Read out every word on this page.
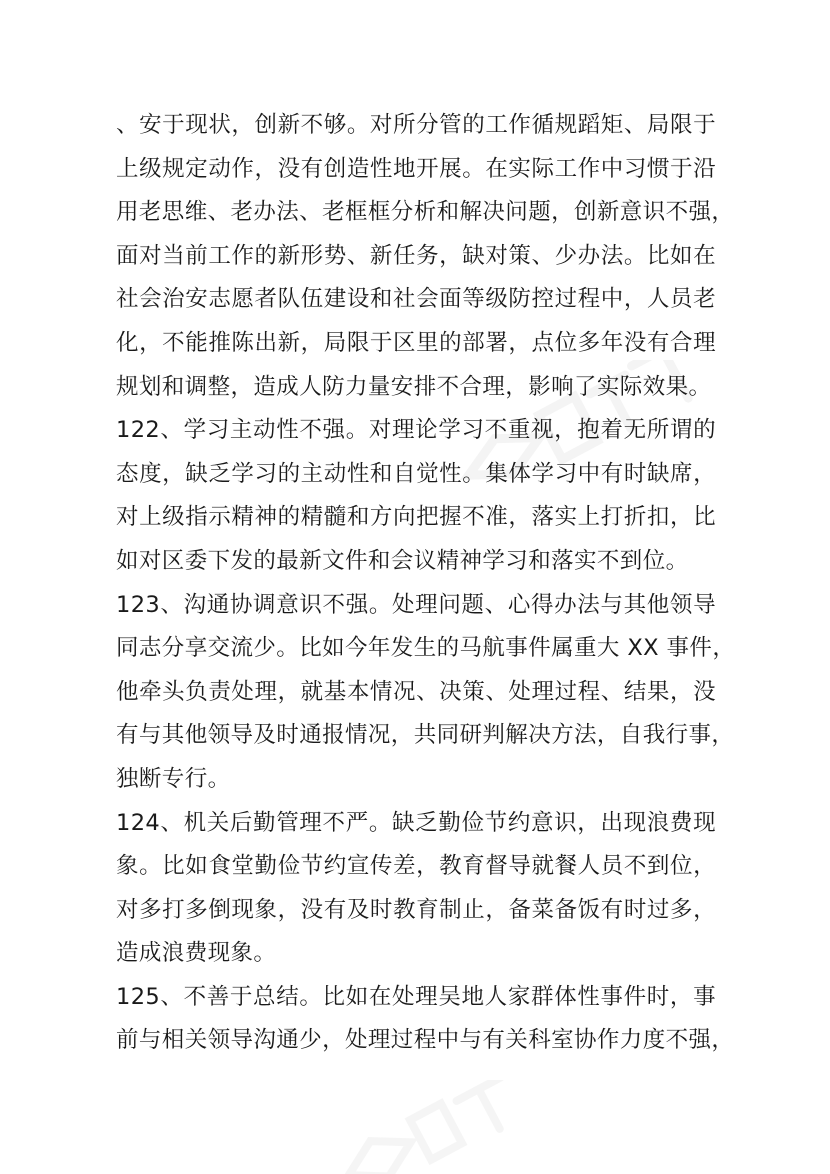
、安于现状，创新不够。对所分管的工作循规蹈矩、局限于
上级规定动作，没有创造性地开展。在实际工作中习惯于沿
用老思维、老办法、老框框分析和解决问题，创新意识不强，
面对当前工作的新形势、新任务，缺对策、少办法。比如在
社会治安志愿者队伍建设和社会面等级防控过程中，人员老
化，不能推陈出新，局限于区里的部署，点位多年没有合理
规划和调整，造成人防力量安排不合理，影响了实际效果。
122、学习主动性不强。对理论学习不重视，抱着无所谓的
态度，缺乏学习的主动性和自觉性。集体学习中有时缺席，
对上级指示精神的精髓和方向把握不准，落实上打折扣，比
如对区委下发的最新文件和会议精神学习和落实不到位。
123、沟通协调意识不强。处理问题、心得办法与其他领导
同志分享交流少。比如今年发生的马航事件属重大 XX 事件，
他牵头负责处理，就基本情况、决策、处理过程、结果，没
有与其他领导及时通报情况，共同研判解决方法，自我行事，
独断专行。
124、机关后勤管理不严。缺乏勤俭节约意识，出现浪费现
象。比如食堂勤俭节约宣传差，教育督导就餐人员不到位，
对多打多倒现象，没有及时教育制止，备菜备饭有时过多，
造成浪费现象。
125、不善于总结。比如在处理吴地人家群体性事件时，事
前与相关领导沟通少，处理过程中与有关科室协作力度不强，
